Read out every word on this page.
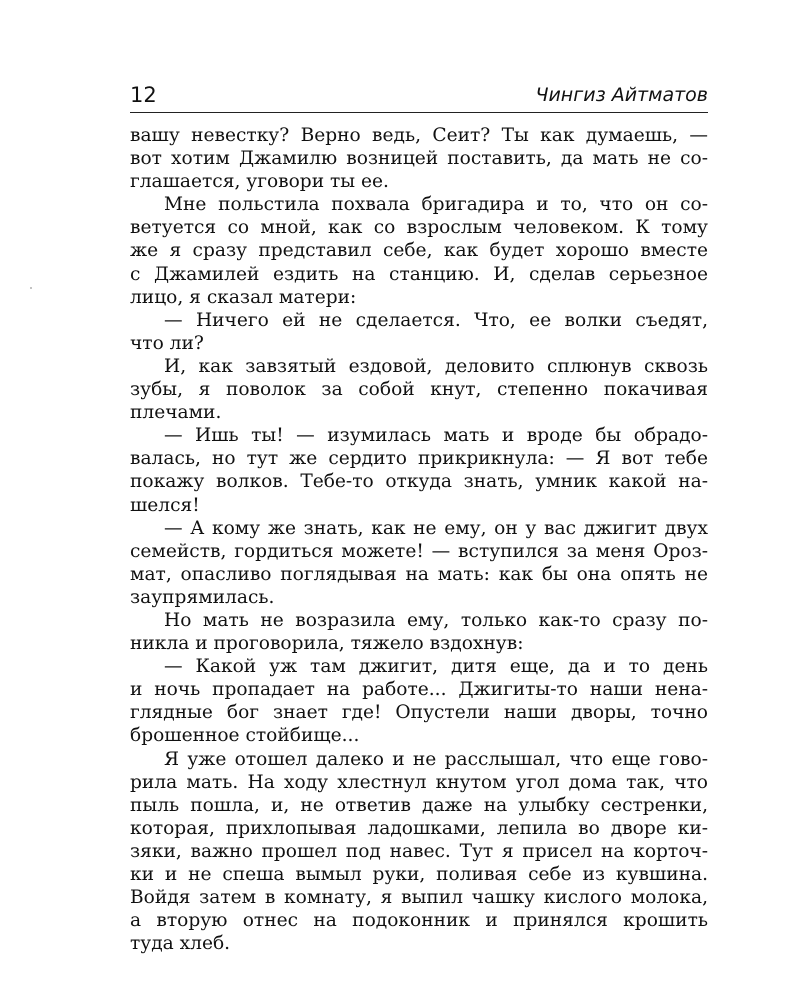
12	Чингиз Айтматов
вашу невестку? Верно ведь, Сеит? Ты как думаешь, —
вот хотим Джамилю возницей поставить, да мать не со-
глашается, уговори ты ее.
Мне польстила похвала бригадира и то, что он со-
ветуется со мной, как со взрослым человеком. К тому
же я сразу представил себе, как будет хорошо вместе
с Джамилей ездить на станцию. И, сделав серьезное
лицо, я сказал матери:
— Ничего ей не сделается. Что, ее волки съедят,
что ли?
И, как завзятый ездовой, деловито сплюнув сквозь
зубы, я поволок за собой кнут, степенно покачивая
плечами.
— Ишь ты! — изумилась мать и вроде бы обрадо-
валась, но тут же сердито прикрикнула: — Я вот тебе
покажу волков. Тебе-то откуда знать, умник какой на-
шелся!
— А кому же знать, как не ему, он у вас джигит двух
семейств, гордиться можете! — вступился за меня Ороз-
мат, опасливо поглядывая на мать: как бы она опять не
заупрямилась.
Но мать не возразила ему, только как-то сразу по-
никла и проговорила, тяжело вздохнув:
— Какой уж там джигит, дитя еще, да и то день
и ночь пропадает на работе... Джигиты-то наши нена-
глядные бог знает где! Опустели наши дворы, точно
брошенное стойбище...
Я уже отошел далеко и не расслышал, что еще гово-
рила мать. На ходу хлестнул кнутом угол дома так, что
пыль пошла, и, не ответив даже на улыбку сестренки,
которая, прихлопывая ладошками, лепила во дворе ки-
зяки, важно прошел под навес. Тут я присел на корточ-
ки и не спеша вымыл руки, поливая себе из кувшина.
Войдя затем в комнату, я выпил чашку кислого молока,
а вторую отнес на подоконник и принялся крошить
туда хлеб.
